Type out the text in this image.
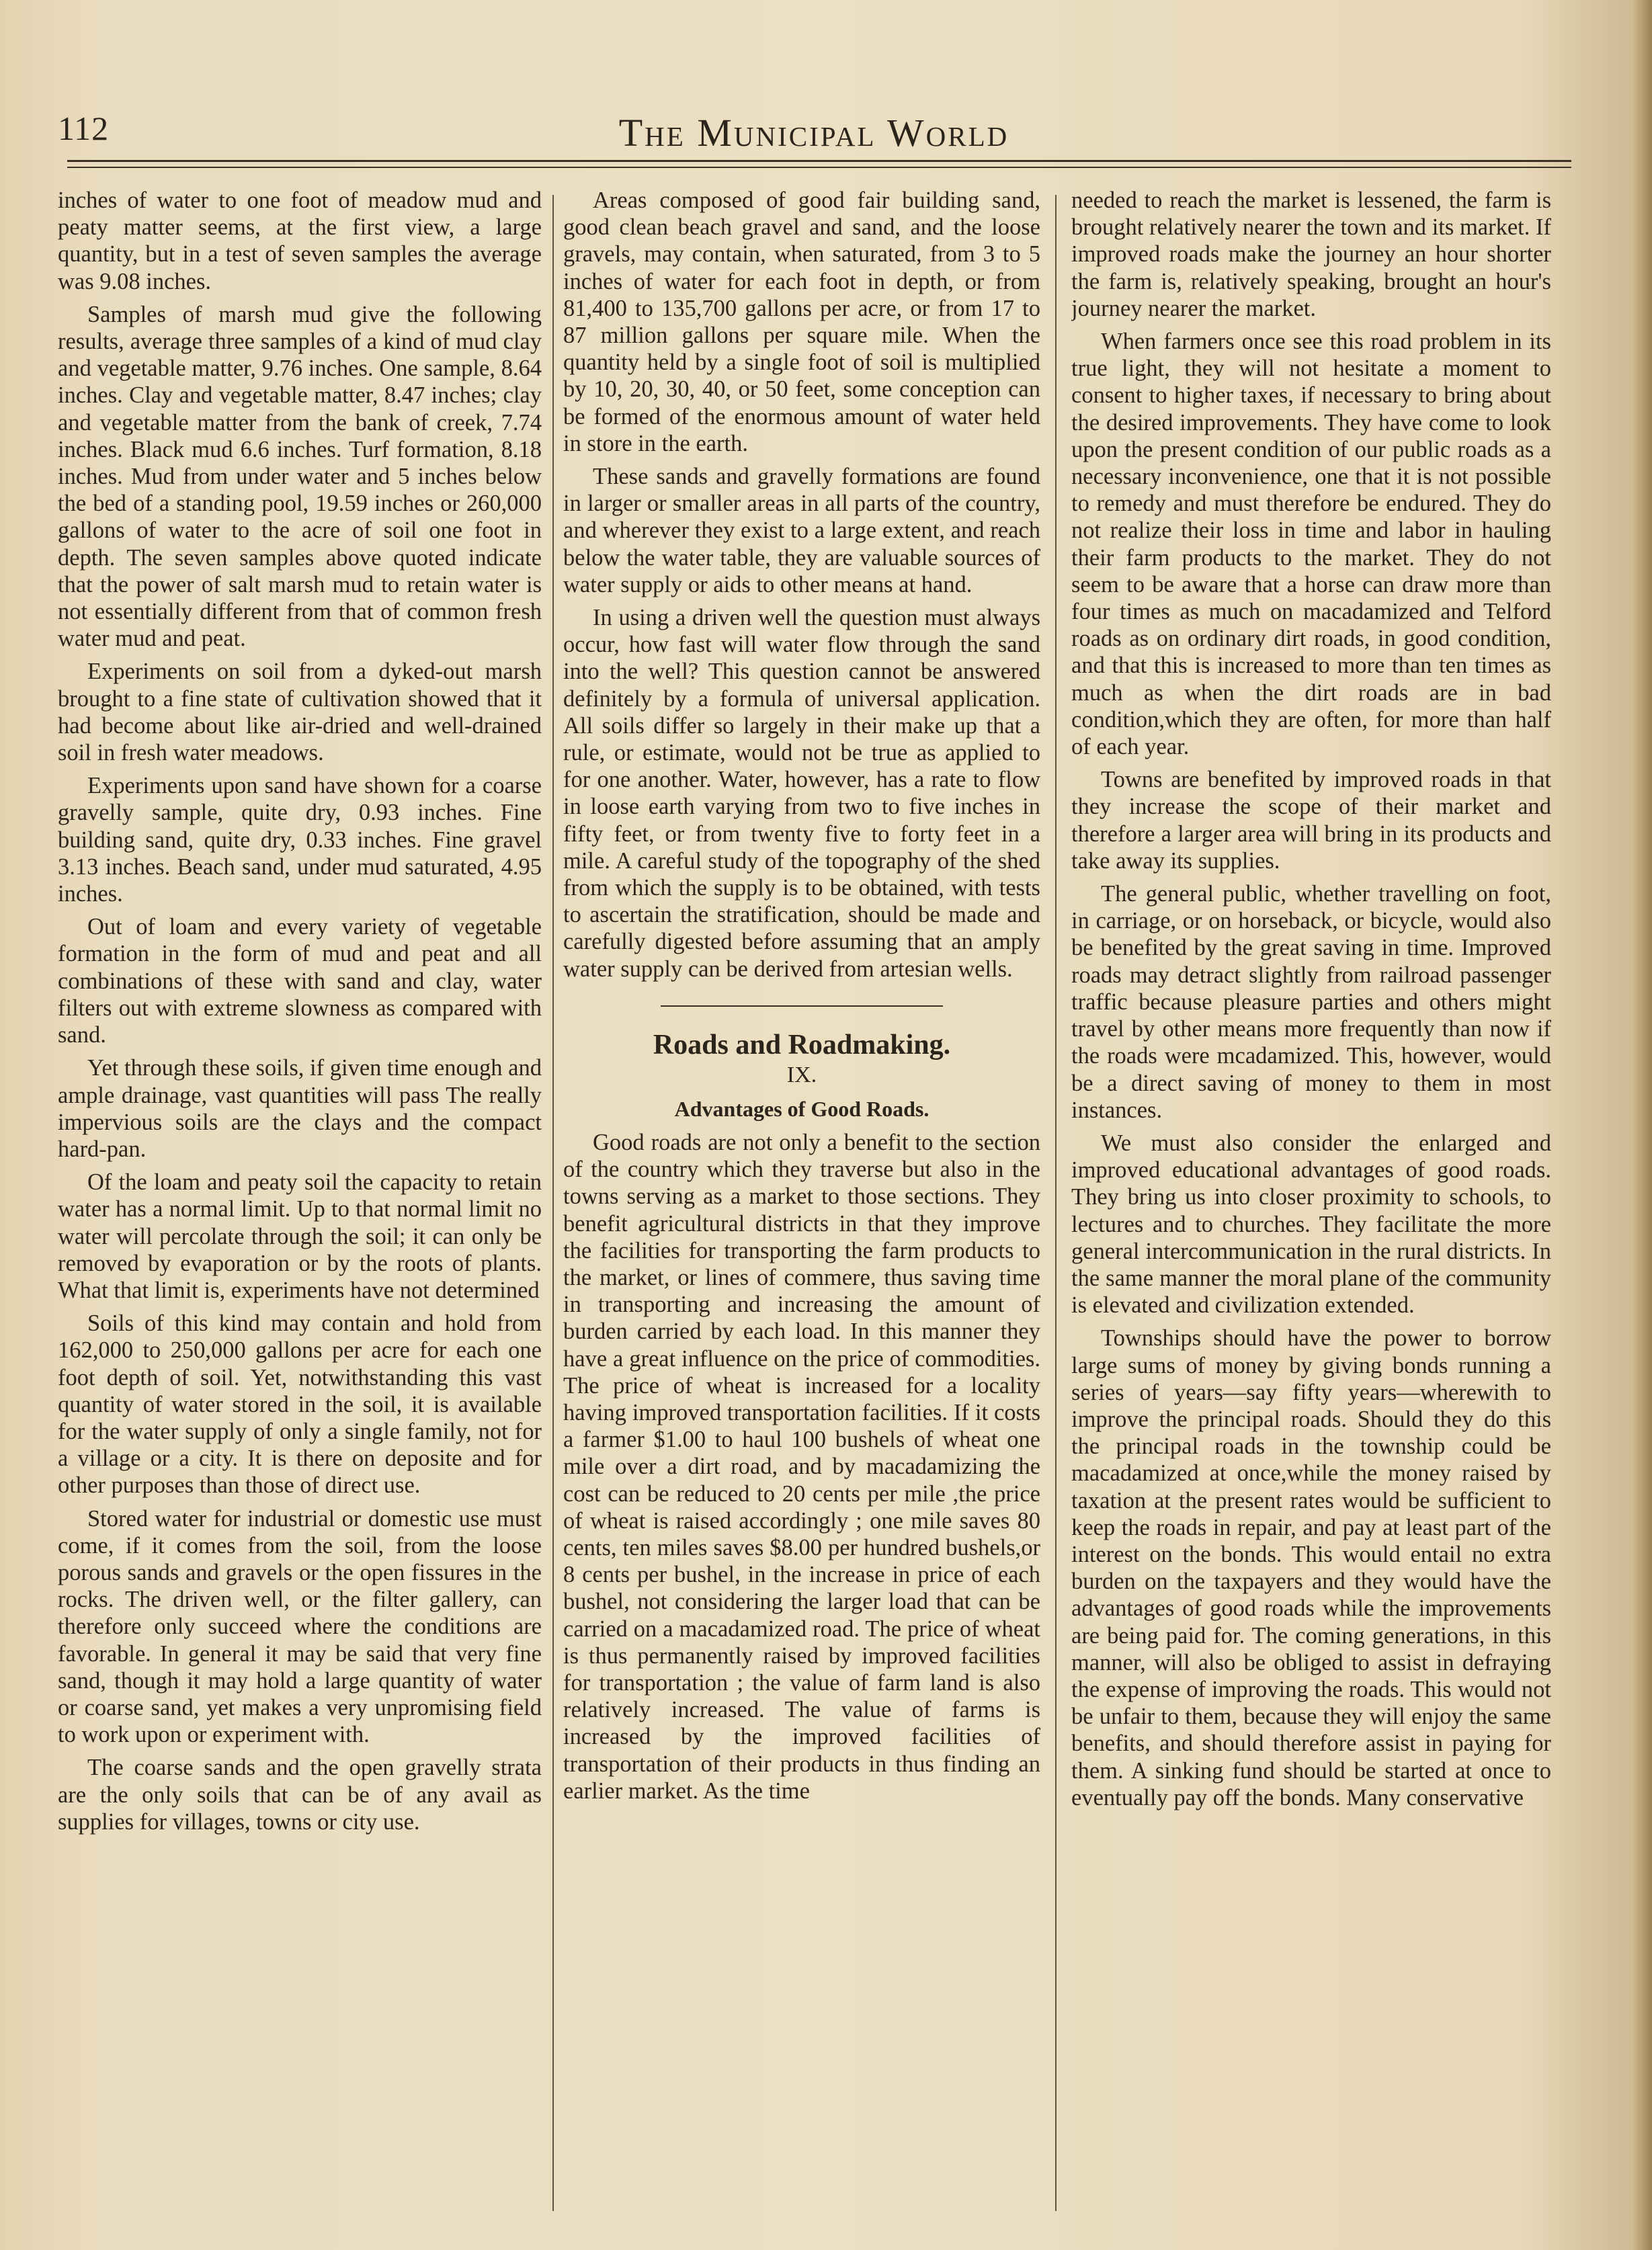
112	The Municipal World

inches of water to one foot of meadow mud and peaty matter seems, at the first view, a large quantity, but in a test of seven samples the average was 9.08 inches.

Samples of marsh mud give the following results, average three samples of a kind of mud clay and vegetable matter, 9.76 inches. One sample, 8.64 inches. Clay and vegetable matter, 8.47 inches; clay and vegetable matter from the bank of creek, 7.74 inches. Black mud 6.6 inches. Turf formation, 8.18 inches. Mud from under water and 5 inches below the bed of a standing pool, 19.59 inches or 260,000 gallons of water to the acre of soil one foot in depth. The seven samples above quoted indicate that the power of salt marsh mud to retain water is not essentially different from that of common fresh water mud and peat.

Experiments on soil from a dyked-out marsh brought to a fine state of cultivation showed that it had become about like air-dried and well-drained soil in fresh water meadows.

Experiments upon sand have shown for a coarse gravelly sample, quite dry, 0.93 inches. Fine building sand, quite dry, 0.33 inches. Fine gravel 3.13 inches. Beach sand, under mud saturated, 4.95 inches.

Out of loam and every variety of vegetable formation in the form of mud and peat and all combinations of these with sand and clay, water filters out with extreme slowness as compared with sand.

Yet through these soils, if given time enough and ample drainage, vast quantities will pass The really impervious soils are the clays and the compact hard-pan.

Of the loam and peaty soil the capacity to retain water has a normal limit. Up to that normal limit no water will percolate through the soil; it can only be removed by evaporation or by the roots of plants. What that limit is, experiments have not determined

Soils of this kind may contain and hold from 162,000 to 250,000 gallons per acre for each one foot depth of soil. Yet, notwithstanding this vast quantity of water stored in the soil, it is available for the water supply of only a single family, not for a village or a city. It is there on deposite and for other purposes than those of direct use.

Stored water for industrial or domestic use must come, if it comes from the soil, from the loose porous sands and gravels or the open fissures in the rocks. The driven well, or the filter gallery, can therefore only succeed where the conditions are favorable. In general it may be said that very fine sand, though it may hold a large quantity of water or coarse sand, yet makes a very unpromising field to work upon or experiment with.

The coarse sands and the open gravelly strata are the only soils that can be of any avail as supplies for villages, towns or city use.

Areas composed of good fair building sand, good clean beach gravel and sand, and the loose gravels, may contain, when saturated, from 3 to 5 inches of water for each foot in depth, or from 81,400 to 135,700 gallons per acre, or from 17 to 87 million gallons per square mile. When the quantity held by a single foot of soil is multiplied by 10, 20, 30, 40, or 50 feet, some conception can be formed of the enormous amount of water held in store in the earth.

These sands and gravelly formations are found in larger or smaller areas in all parts of the country, and wherever they exist to a large extent, and reach below the water table, they are valuable sources of water supply or aids to other means at hand.

In using a driven well the question must always occur, how fast will water flow through the sand into the well? This question cannot be answered definitely by a formula of universal application. All soils differ so largely in their make up that a rule, or estimate, would not be true as applied to for one another. Water, however, has a rate to flow in loose earth varying from two to five inches in fifty feet, or from twenty five to forty feet in a mile. A careful study of the topography of the shed from which the supply is to be obtained, with tests to ascertain the stratification, should be made and carefully digested before assuming that an amply water supply can be derived from artesian wells.

Roads and Roadmaking.
IX.
Advantages of Good Roads.

Good roads are not only a benefit to the section of the country which they traverse but also in the towns serving as a market to those sections. They benefit agricultural districts in that they improve the facilities for transporting the farm products to the market, or lines of commere, thus saving time in transporting and increasing the amount of burden carried by each load. In this manner they have a great influence on the price of commodities. The price of wheat is increased for a locality having improved transportation facilities. If it costs a farmer $1.00 to haul 100 bushels of wheat one mile over a dirt road, and by macadamizing the cost can be reduced to 20 cents per mile ,the price of wheat is raised accordingly ; one mile saves 80 cents, ten miles saves $8.00 per hundred bushels,or 8 cents per bushel, in the increase in price of each bushel, not considering the larger load that can be carried on a macadamized road. The price of wheat is thus permanently raised by improved facilities for transportation ; the value of farm land is also relatively increased. The value of farms is increased by the improved facilities of transportation of their products in thus finding an earlier market. As the time

needed to reach the market is lessened, the farm is brought relatively nearer the town and its market. If improved roads make the journey an hour shorter the farm is, relatively speaking, brought an hour's journey nearer the market.

When farmers once see this road problem in its true light, they will not hesitate a moment to consent to higher taxes, if necessary to bring about the desired improvements. They have come to look upon the present condition of our public roads as a necessary inconvenience, one that it is not possible to remedy and must therefore be endured. They do not realize their loss in time and labor in hauling their farm products to the market. They do not seem to be aware that a horse can draw more than four times as much on macadamized and Telford roads as on ordinary dirt roads, in good condition, and that this is increased to more than ten times as much as when the dirt roads are in bad condition,which they are often, for more than half of each year.

Towns are benefited by improved roads in that they increase the scope of their market and therefore a larger area will bring in its products and take away its supplies.

The general public, whether travelling on foot, in carriage, or on horseback, or bicycle, would also be benefited by the great saving in time. Improved roads may detract slightly from railroad passenger traffic because pleasure parties and others might travel by other means more frequently than now if the roads were mcadamized. This, however, would be a direct saving of money to them in most instances.

We must also consider the enlarged and improved educational advantages of good roads. They bring us into closer proximity to schools, to lectures and to churches. They facilitate the more general intercommunication in the rural districts. In the same manner the moral plane of the community is elevated and civilization extended.

Townships should have the power to borrow large sums of money by giving bonds running a series of years—say fifty years—wherewith to improve the principal roads. Should they do this the principal roads in the township could be macadamized at once,while the money raised by taxation at the present rates would be sufficient to keep the roads in repair, and pay at least part of the interest on the bonds. This would entail no extra burden on the taxpayers and they would have the advantages of good roads while the improvements are being paid for. The coming generations, in this manner, will also be obliged to assist in defraying the expense of improving the roads. This would not be unfair to them, because they will enjoy the same benefits, and should therefore assist in paying for them. A sinking fund should be started at once to eventually pay off the bonds. Many conservative
